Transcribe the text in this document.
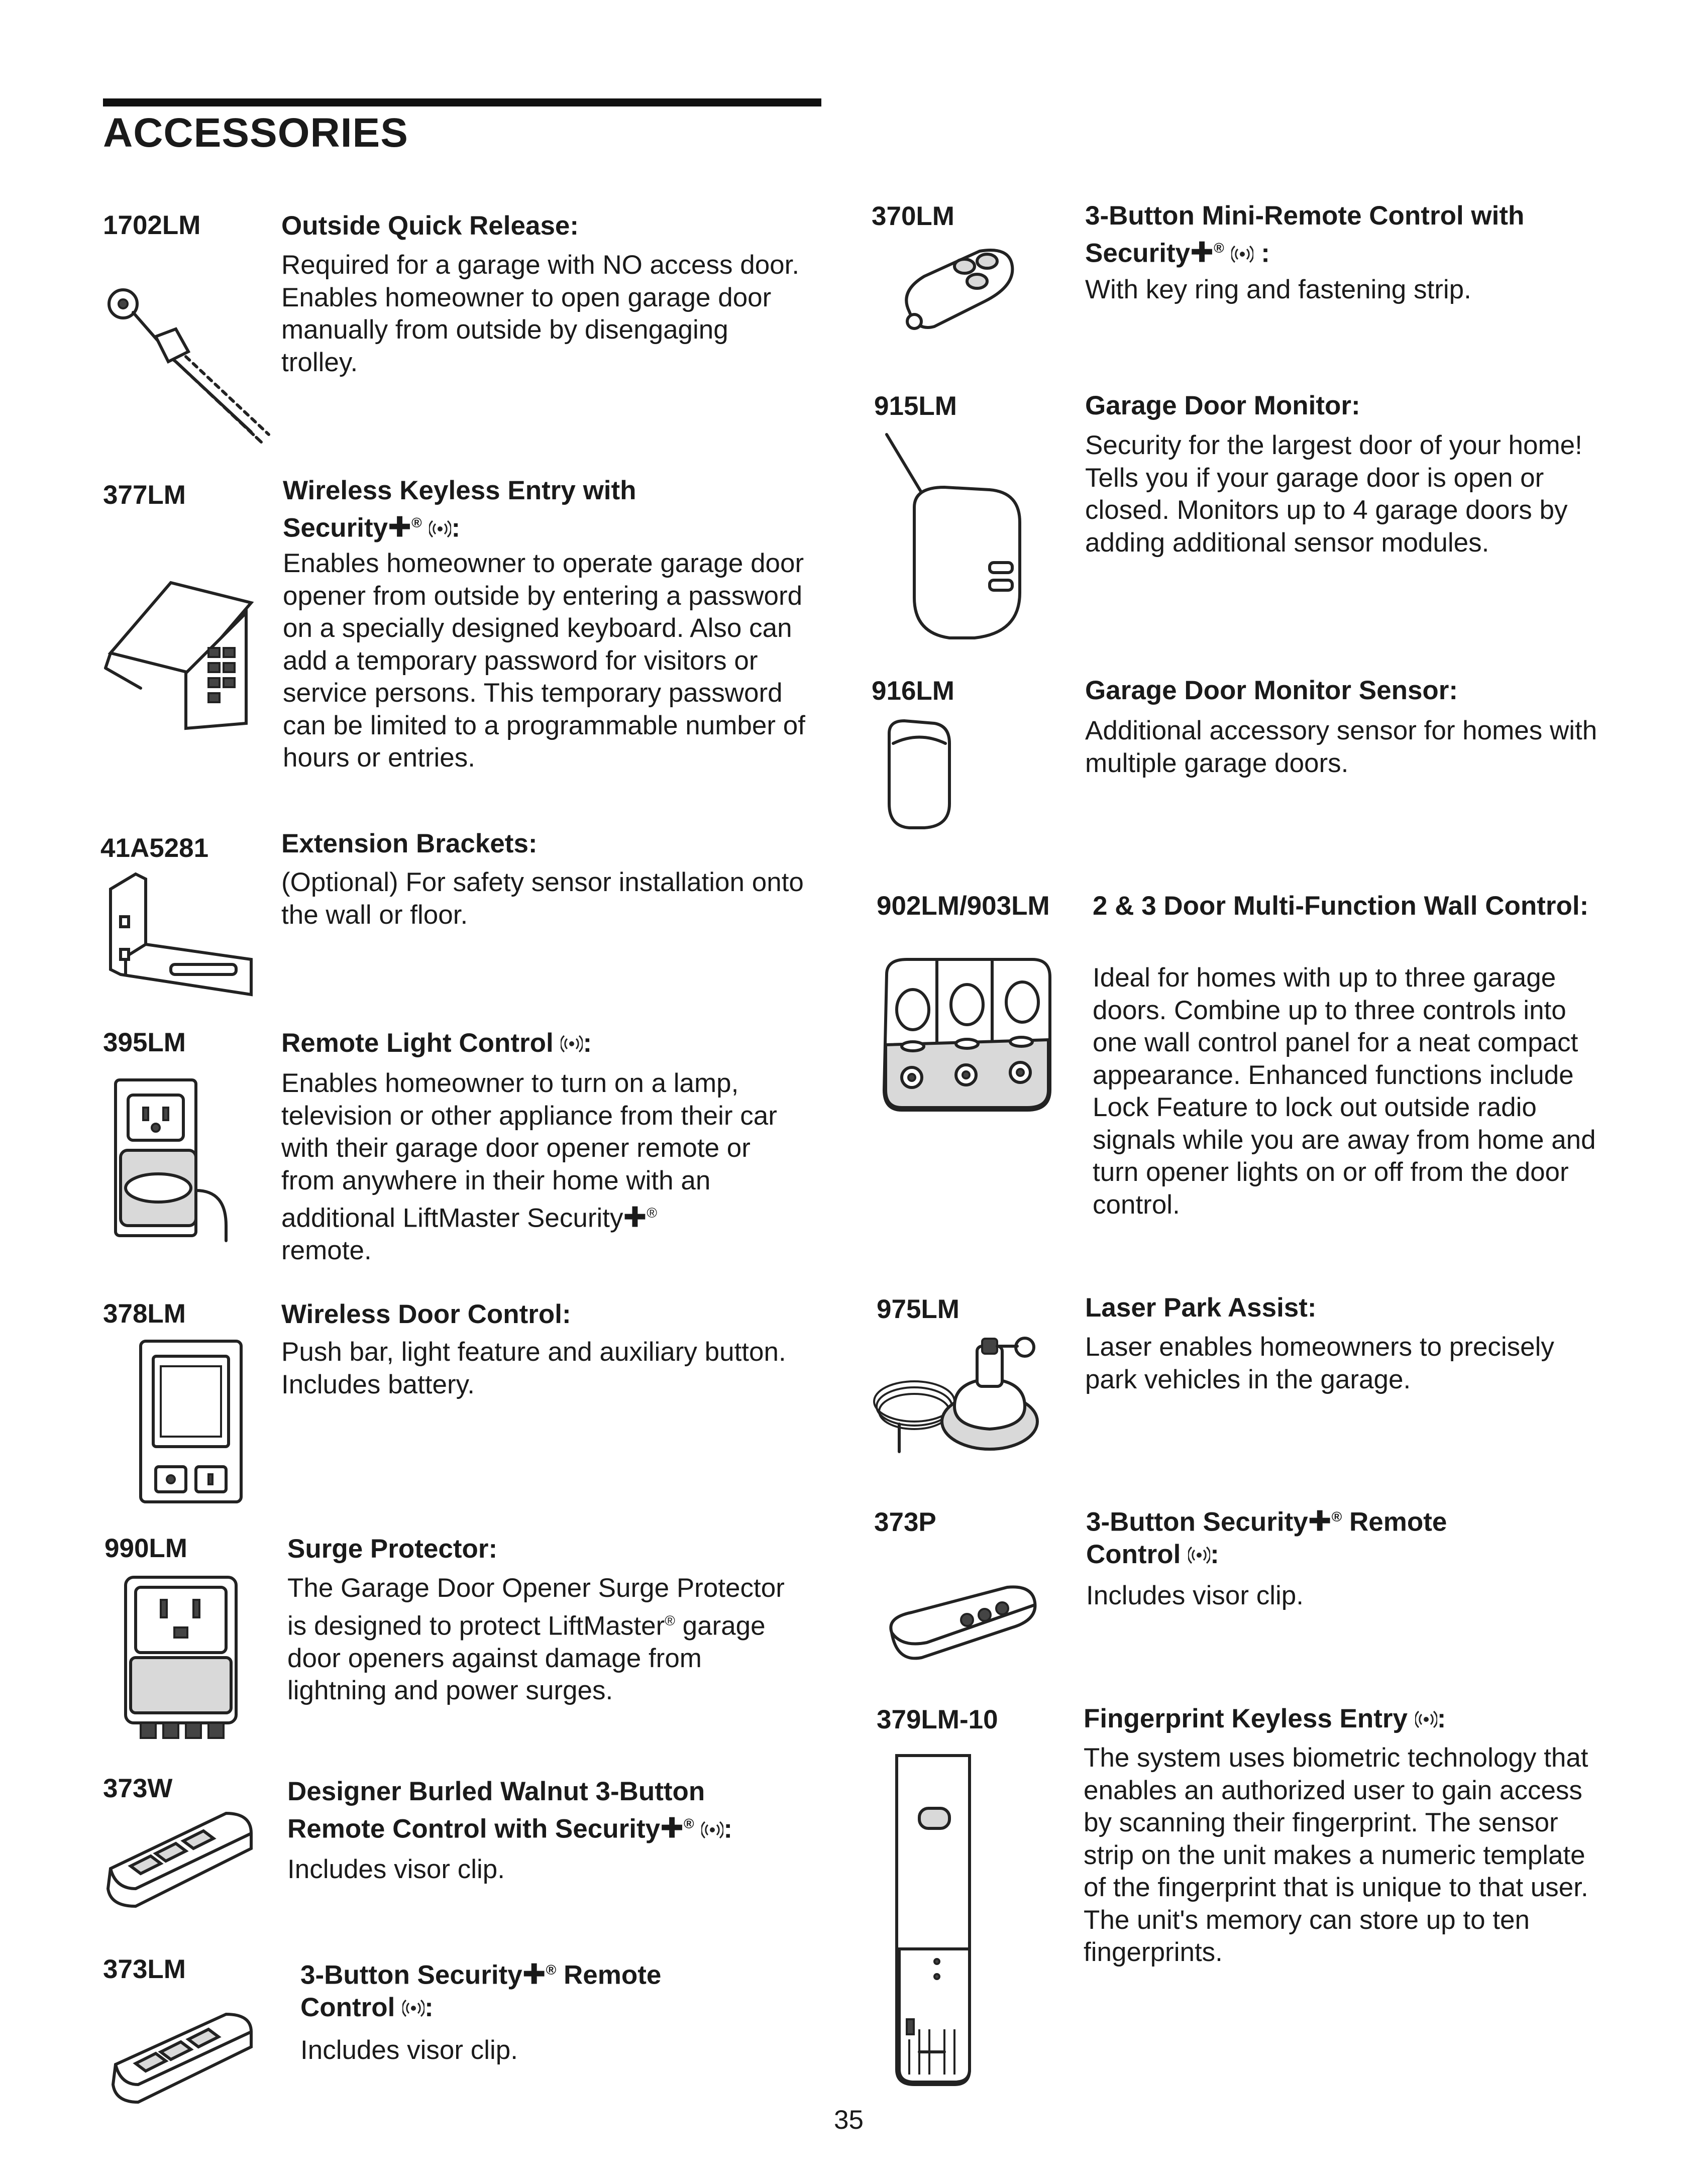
ACCESSORIES
1702LM	Outside Quick Release:
Required for a garage with NO access door. Enables homeowner to open garage door manually from outside by disengaging trolley.
377LM	Wireless Keyless Entry with
Security✚® :
Enables homeowner to operate garage door opener from outside by entering a password on a specially designed keyboard. Also can add a temporary password for visitors or service persons. This temporary password can be limited to a programmable number of hours or entries.
41A5281	Extension Brackets:
(Optional) For safety sensor installation onto the wall or floor.
395LM	Remote Light Control :
Enables homeowner to turn on a lamp, television or other appliance from their car with their garage door opener remote or from anywhere in their home with an additional LiftMaster Security✚®
remote.
378LM	Wireless Door Control:
Push bar, light feature and auxiliary button. Includes battery.
990LM	Surge Protector:
The Garage Door Opener Surge Protector is designed to protect LiftMaster® garage door openers against damage from lightning and power surges.
373W	Designer Burled Walnut 3-Button
Remote Control with Security✚® :
Includes visor clip.
373LM	3-Button Security✚® Remote
Control :
Includes visor clip.
370LM	3-Button Mini-Remote Control with
Security✚® :
With key ring and fastening strip.
915LM	Garage Door Monitor:
Security for the largest door of your home! Tells you if your garage door is open or closed. Monitors up to 4 garage doors by adding additional sensor modules.
916LM	Garage Door Monitor Sensor:
Additional accessory sensor for homes with multiple garage doors.
902LM/903LM 2 & 3 Door Multi-Function Wall Control:
Ideal for homes with up to three garage doors. Combine up to three controls into one wall control panel for a neat compact appearance. Enhanced functions include Lock Feature to lock out outside radio signals while you are away from home and turn opener lights on or off from the door control.
975LM	Laser Park Assist:
Laser enables homeowners to precisely park vehicles in the garage.
373P	3-Button Security✚® Remote
Control :
Includes visor clip.
379LM-10	Fingerprint Keyless Entry :
The system uses biometric technology that enables an authorized user to gain access by scanning their fingerprint. The sensor strip on the unit makes a numeric template of the fingerprint that is unique to that user. The unit's memory can store up to ten fingerprints.
35
